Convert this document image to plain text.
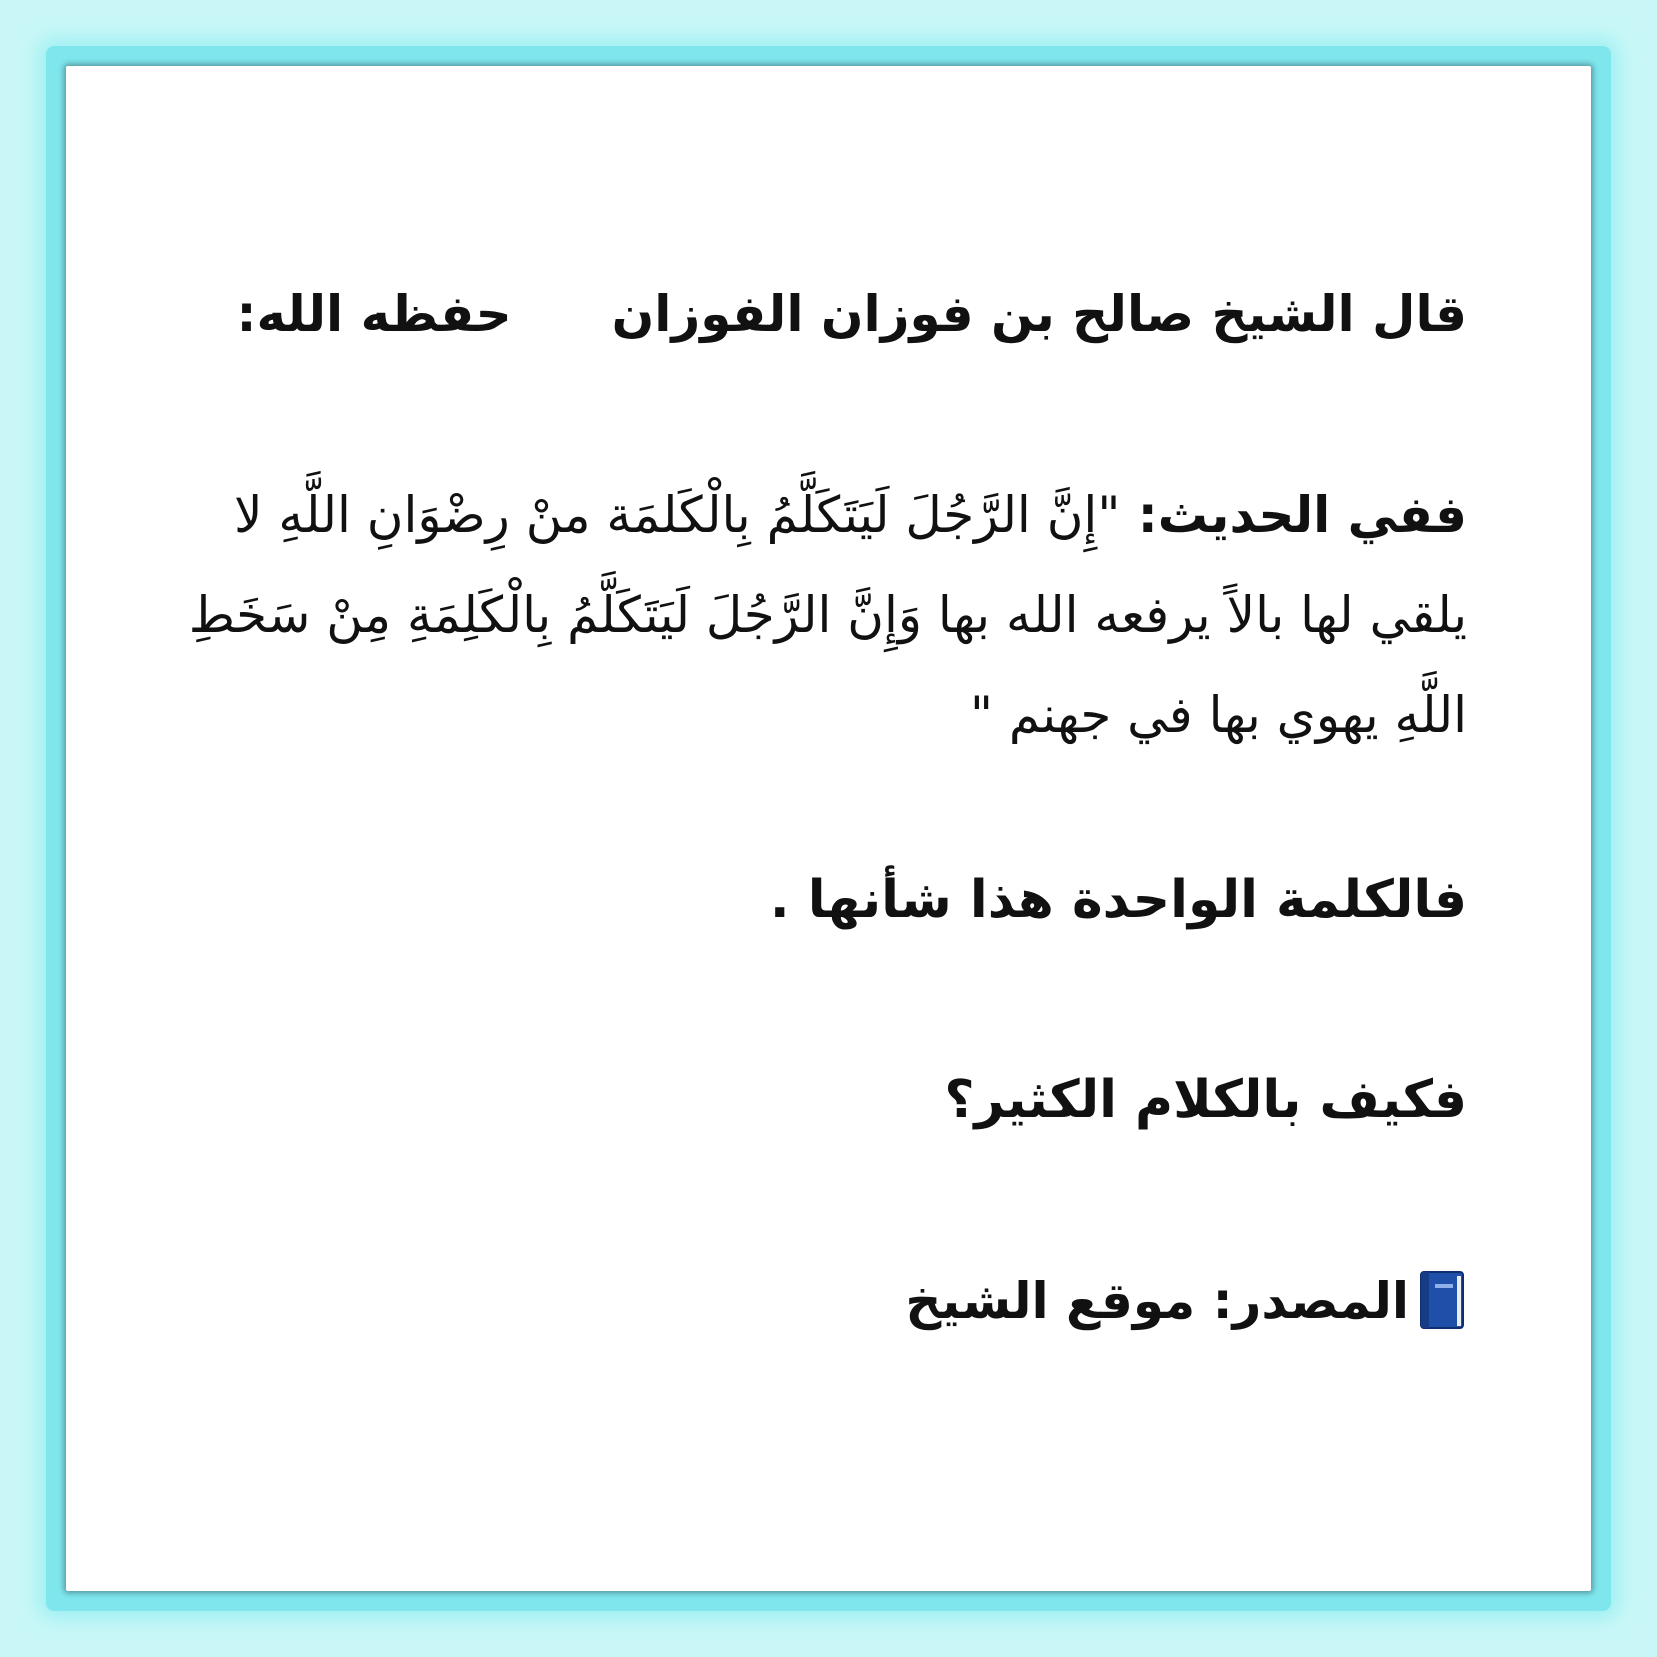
قال الشيخ صالح بن فوزان الفوزانحفظه الله:
ففي الحديث: "إِنَّ الرَّجُلَ لَيَتَكَلَّمُ بِالْكَلمَة منْ رِضْوَانِ اللَّهِ لا يلقي لها بالاً يرفعه الله بها وَإِنَّ الرَّجُلَ لَيَتَكَلَّمُ بِالْكَلِمَةِ مِنْ سَخَطِ اللَّهِ يهوي بها في جهنم "
فالكلمة الواحدة هذا شأنها .
فكيف بالكلام الكثير؟
المصدر: موقع الشيخ
